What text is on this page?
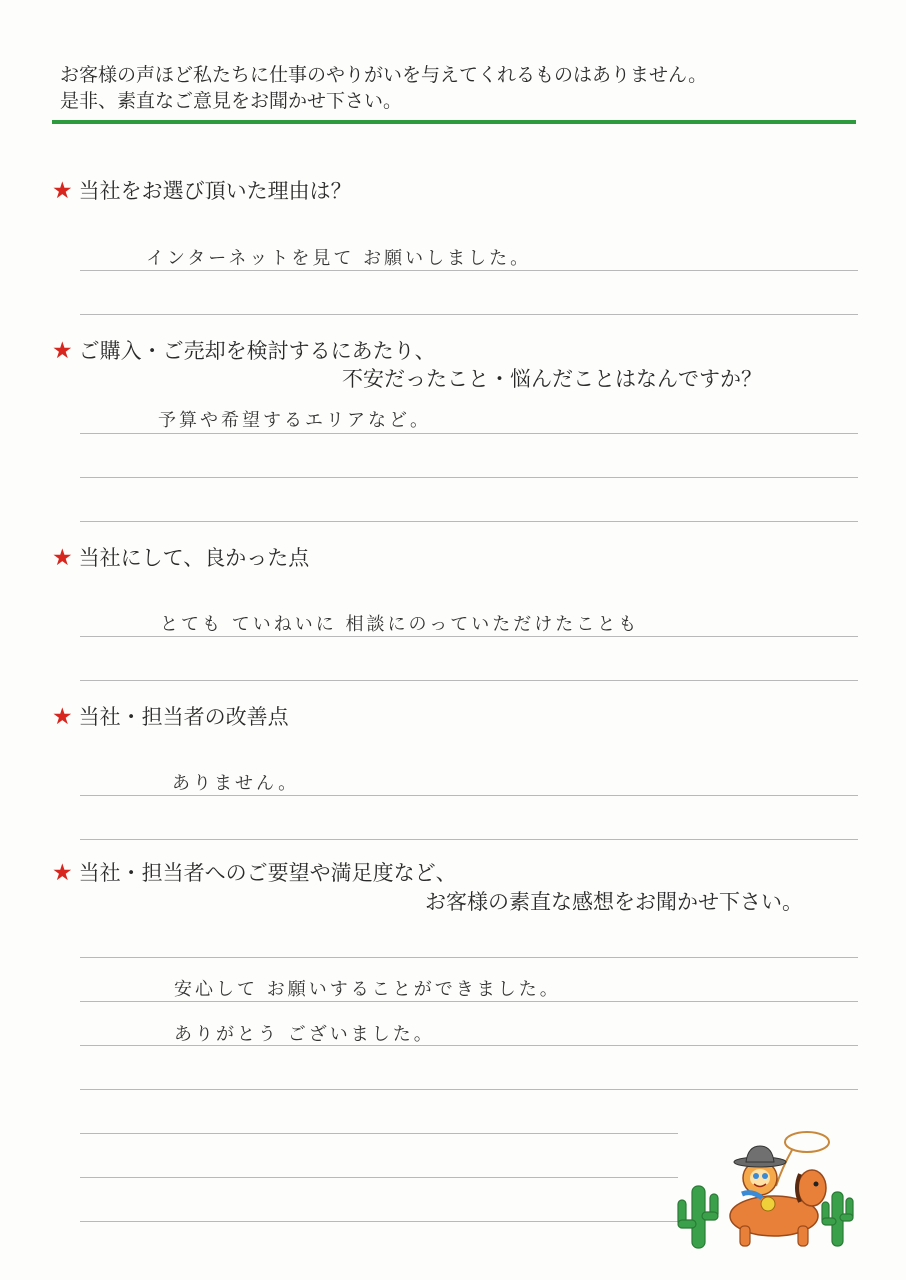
お客様の声ほど私たちに仕事のやりがいを与えてくれるものはありません。
是非、素直なご意見をお聞かせ下さい。
★ 当社をお選び頂いた理由は？
インターネットを見て お願いしました。
★ ご購入・ご売却を検討するにあたり、
不安だったこと・悩んだことはなんですか？
予算や希望するエリアなど。
★ 当社にして、良かった点
とても ていねいに 相談にのっていただけたことも
★ 当社・担当者の改善点
ありません。
★ 当社・担当者へのご要望や満足度など、
お客様の素直な感想をお聞かせ下さい。
安心して お願いすることができました。
ありがとう ございました。
